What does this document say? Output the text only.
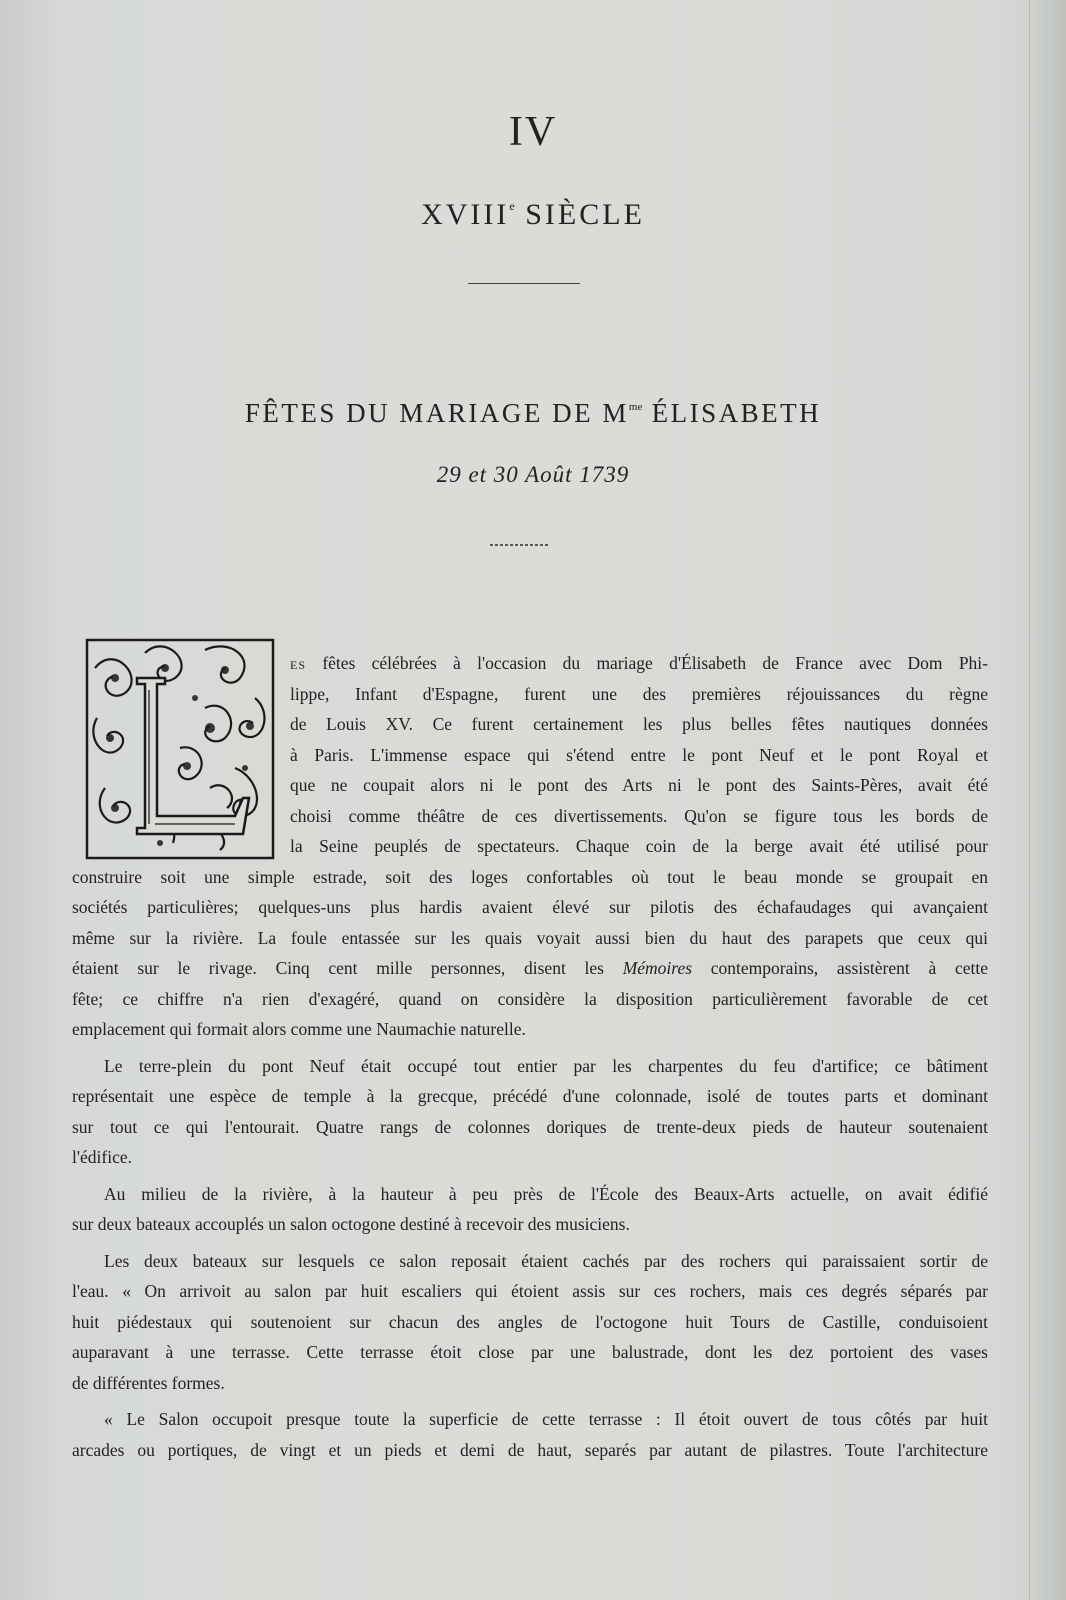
IV
XVIIIe SIÈCLE
FÊTES DU MARIAGE DE $M^{me}$ ÉLISABETH
29 et 30 Août 1739
ES fêtes célébrées à l'occasion du mariage d'Élisabeth de France avec Dom Phi-
lippe, Infant d'Espagne, furent une des premières réjouissances du règne
de Louis XV. Ce furent certainement les plus belles fêtes nautiques données
à Paris. L'immense espace qui s'étend entre le pont Neuf et le pont Royal et
que ne coupait alors ni le pont des Arts ni le pont des Saints-Pères, avait été
choisi comme théâtre de ces divertissements. Qu'on se figure tous les bords de
la Seine peuplés de spectateurs. Chaque coin de la berge avait été utilisé pour
construire soit une simple estrade, soit des loges confortables où tout le beau monde se groupait en
sociétés particulières; quelques-uns plus hardis avaient élevé sur pilotis des échafaudages qui avançaient
même sur la rivière. La foule entassée sur les quais voyait aussi bien du haut des parapets que ceux qui
étaient sur le rivage. Cinq cent mille personnes, disent les Mémoires contemporains, assistèrent à cette
fête; ce chiffre n'a rien d'exagéré, quand on considère la disposition particulièrement favorable de cet
emplacement qui formait alors comme une Naumachie naturelle.
Le terre-plein du pont Neuf était occupé tout entier par les charpentes du feu d'artifice; ce bâtiment
représentait une espèce de temple à la grecque, précédé d'une colonnade, isolé de toutes parts et dominant
sur tout ce qui l'entourait. Quatre rangs de colonnes doriques de trente-deux pieds de hauteur soutenaient
l'édifice.
Au milieu de la rivière, à la hauteur à peu près de l'École des Beaux-Arts actuelle, on avait édifié
sur deux bateaux accouplés un salon octogone destiné à recevoir des musiciens.
Les deux bateaux sur lesquels ce salon reposait étaient cachés par des rochers qui paraissaient sortir de
l'eau. « On arrivoit au salon par huit escaliers qui étoient assis sur ces rochers, mais ces degrés séparés par
huit piédestaux qui soutenoient sur chacun des angles de l'octogone huit Tours de Castille, conduisoient
auparavant à une terrasse. Cette terrasse étoit close par une balustrade, dont les dez portoient des vases
de différentes formes.
« Le Salon occupoit presque toute la superficie de cette terrasse : Il étoit ouvert de tous côtés par huit
arcades ou portiques, de vingt et un pieds et demi de haut, separés par autant de pilastres. Toute l'architecture
